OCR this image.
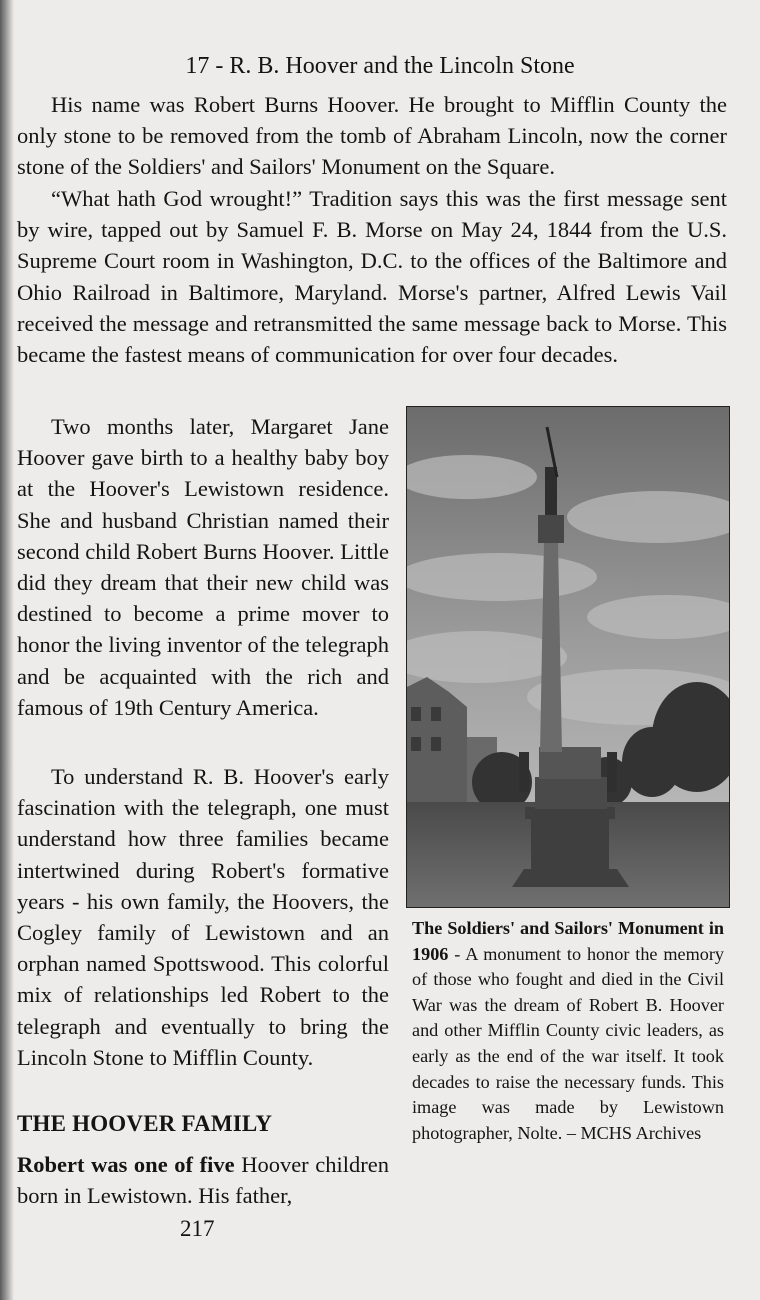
17 - R. B. Hoover and the Lincoln Stone

His name was Robert Burns Hoover. He brought to Mifflin County the only stone to be removed from the tomb of Abraham Lincoln, now the corner stone of the Soldiers' and Sailors' Monument on the Square.

“What hath God wrought!” Tradition says this was the first message sent by wire, tapped out by Samuel F. B. Morse on May 24, 1844 from the U.S. Supreme Court room in Washington, D.C. to the offices of the Baltimore and Ohio Railroad in Baltimore, Maryland. Morse's partner, Alfred Lewis Vail received the message and retransmitted the same message back to Morse. This became the fastest means of communication for over four decades.

Two months later, Margaret Jane Hoover gave birth to a healthy baby boy at the Hoover's Lewistown residence. She and husband Christian named their second child Robert Burns Hoover. Little did they dream that their new child was destined to become a prime mover to honor the living inventor of the telegraph and be acquainted with the rich and famous of 19th Century America.

To understand R. B. Hoover's early fascination with the telegraph, one must understand how three families became intertwined during Robert's formative years - his own family, the Hoovers, the Cogley family of Lewistown and an orphan named Spottswood. This colorful mix of relationships led Robert to the telegraph and eventually to bring the Lincoln Stone to Mifflin County.

THE HOOVER FAMILY

Robert was one of five Hoover children born in Lewistown. His father,

217

The Soldiers' and Sailors' Monument in 1906 - A monument to honor the memory of those who fought and died in the Civil War was the dream of Robert B. Hoover and other Mifflin County civic leaders, as early as the end of the war itself. It took decades to raise the necessary funds. This image was made by Lewistown photographer, Nolte. – MCHS Archives
